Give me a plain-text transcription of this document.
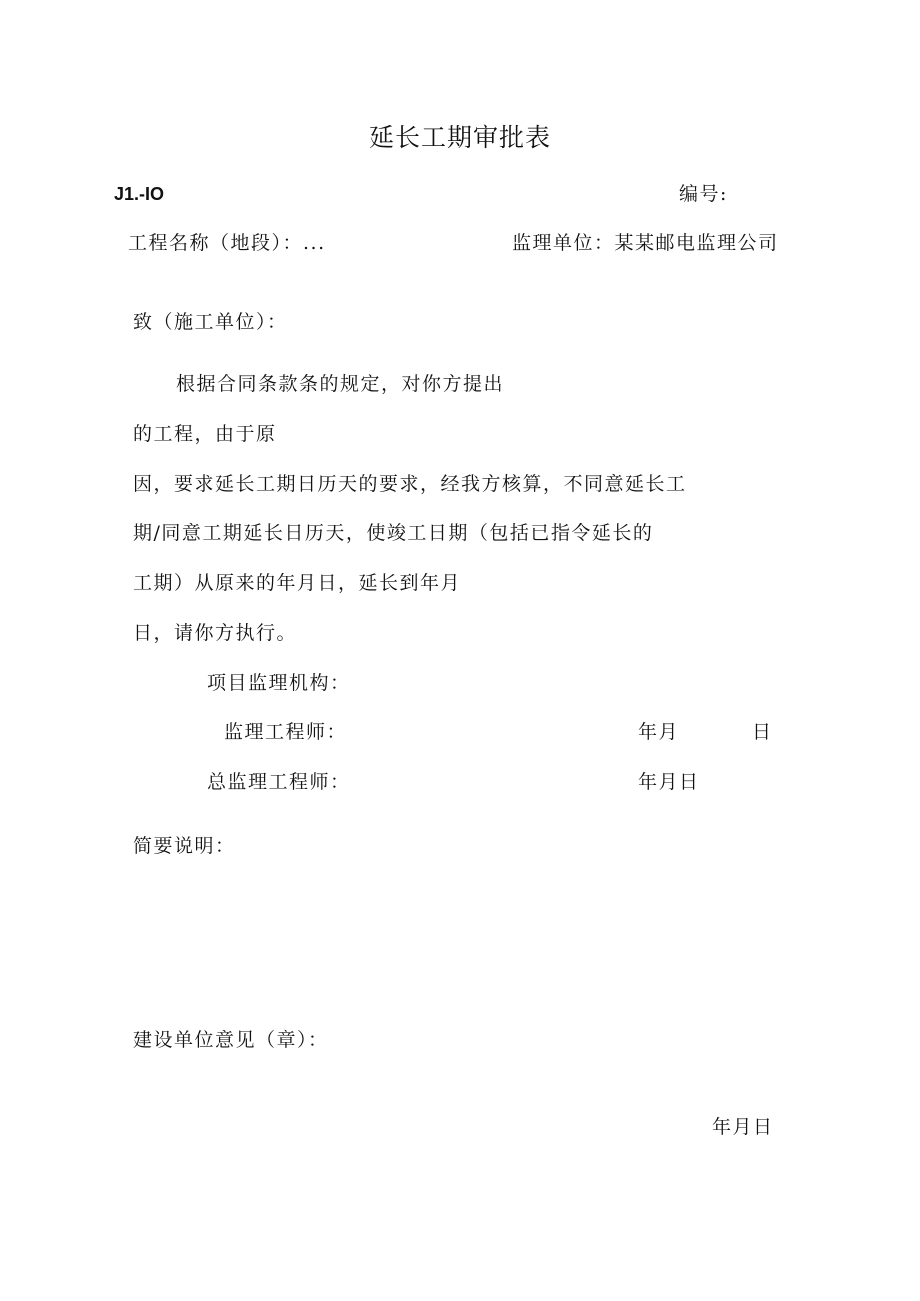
延长工期审批表
J1.-IO	编号:
工程名称（地段）：...	监理单位：某某邮电监理公司
致（施工单位）：
根据合同条款条的规定，对你方提出
的工程，由于原
因，要求延长工期日历天的要求，经我方核算，不同意延长工
期/同意工期延长日历天，使竣工日期（包括已指令延长的
工期）从原来的年月日，延长到年月
日，请你方执行。
项目监理机构：
监理工程师：	年月	日
总监理工程师：	年月日
简要说明：
建设单位意见（章）：
年月日
